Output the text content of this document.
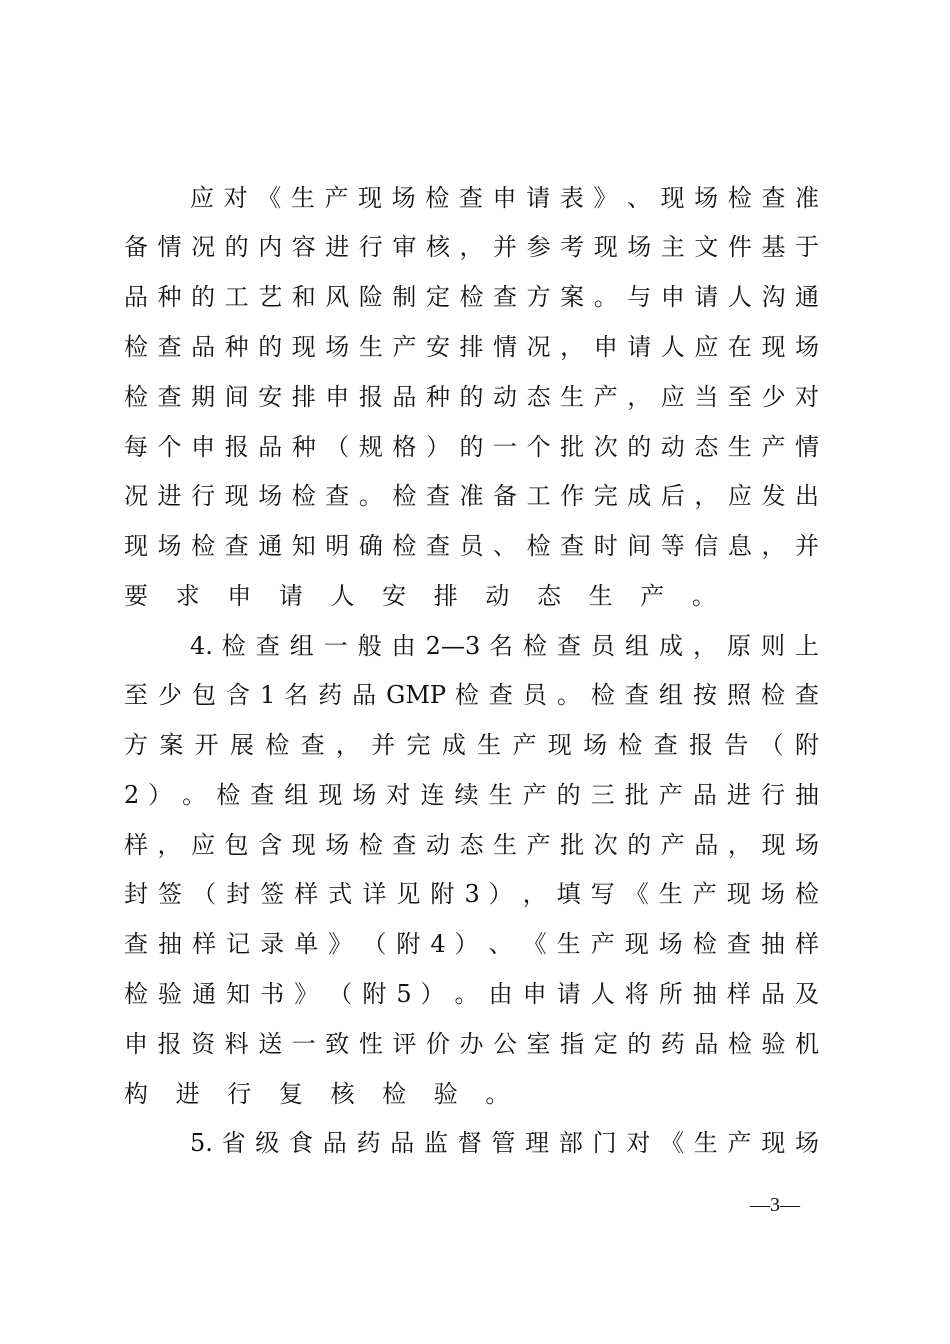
应 对 《 生 产 现 场 检 查 申 请 表 》 、 现 场 检 查 准
备 情 况 的 内 容 进 行 审 核 ， 并 参 考 现 场 主 文 件 基 于
品 种 的 工 艺 和 风 险 制 定 检 查 方 案 。 与 申 请 人 沟 通
检 查 品 种 的 现 场 生 产 安 排 情 况 ， 申 请 人 应 在 现 场
检 查 期 间 安 排 申 报 品 种 的 动 态 生 产 ， 应 当 至 少 对
每 个 申 报 品 种 （ 规 格 ） 的 一 个 批 次 的 动 态 生 产 情
况 进 行 现 场 检 查 。 检 查 准 备 工 作 完 成 后 ， 应 发 出
现 场 检 查 通 知 明 确 检 查 员 、 检 查 时 间 等 信 息 ， 并
要 求 申 请 人 安 排 动 态 生 产 。
4. 检 查 组 一 般 由 2—3 名 检 查 员 组 成 ， 原 则 上
至 少 包 含 1 名 药 品 GMP 检 查 员 。 检 查 组 按 照 检 查
方 案 开 展 检 查 ， 并 完 成 生 产 现 场 检 查 报 告 （ 附
2 ） 。 检 查 组 现 场 对 连 续 生 产 的 三 批 产 品 进 行 抽
样 ， 应 包 含 现 场 检 查 动 态 生 产 批 次 的 产 品 ， 现 场
封 签 （ 封 签 样 式 详 见 附 3 ） ， 填 写 《 生 产 现 场 检
查 抽 样 记 录 单 》 （ 附 4 ） 、 《 生 产 现 场 检 查 抽 样
检 验 通 知 书 》 （ 附 5 ） 。 由 申 请 人 将 所 抽 样 品 及
申 报 资 料 送 一 致 性 评 价 办 公 室 指 定 的 药 品 检 验 机
构 进 行 复 核 检 验 。
5. 省 级 食 品 药 品 监 督 管 理 部 门 对 《 生 产 现 场
—3—
